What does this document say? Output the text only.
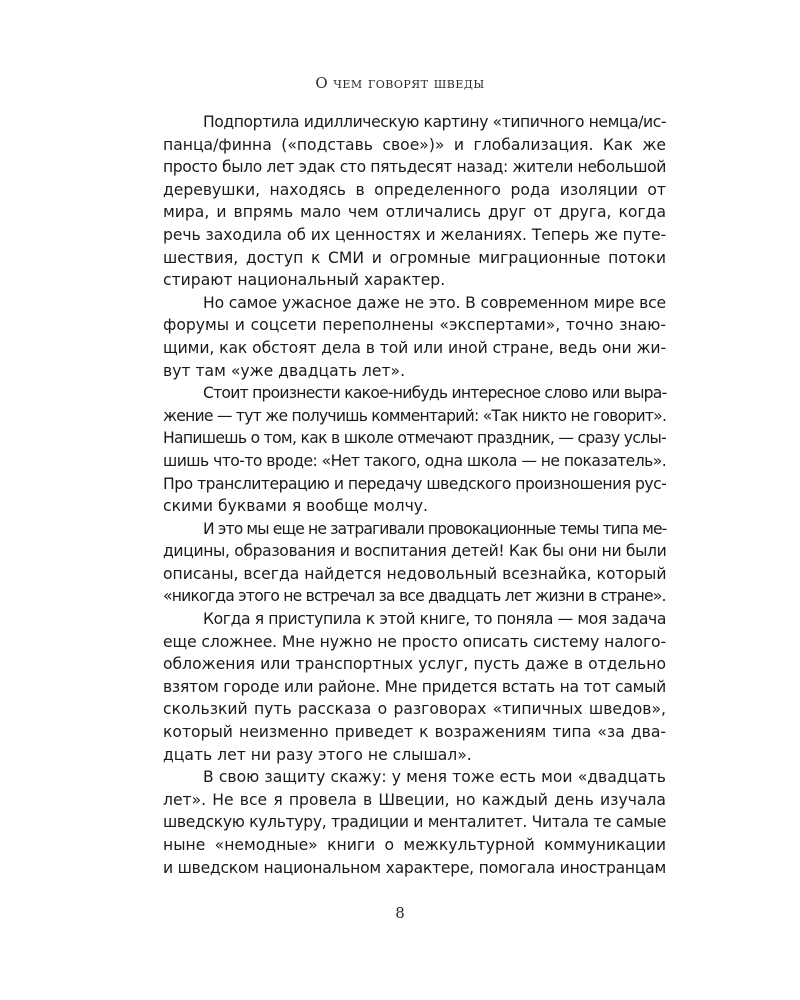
О чем говорят шведы
Подпортила идиллическую картину «типичного немца/ис-
панца/финна («подставь свое»)» и глобализация. Как же
просто было лет эдак сто пятьдесят назад: жители небольшой
деревушки, находясь в определенного рода изоляции от
мира, и впрямь мало чем отличались друг от друга, когда
речь заходила об их ценностях и желаниях. Теперь же путе-
шествия, доступ к СМИ и огромные миграционные потоки
стирают национальный характер.
Но самое ужасное даже не это. В современном мире все
форумы и соцсети переполнены «экспертами», точно знаю-
щими, как обстоят дела в той или иной стране, ведь они жи-
вут там «уже двадцать лет».
Стоит произнести какое-нибудь интересное слово или выра-
жение — тут же получишь комментарий: «Так никто не говорит».
Напишешь о том, как в школе отмечают праздник, — сразу услы-
шишь что-то вроде: «Нет такого, одна школа — не показатель».
Про транслитерацию и передачу шведского произношения рус-
скими буквами я вообще молчу.
И это мы еще не затрагивали провокационные темы типа ме-
дицины, образования и воспитания детей! Как бы они ни были
описаны, всегда найдется недовольный всезнайка, который
«никогда этого не встречал за все двадцать лет жизни в стране».
Когда я приступила к этой книге, то поняла — моя задача
еще сложнее. Мне нужно не просто описать систему налого-
обложения или транспортных услуг, пусть даже в отдельно
взятом городе или районе. Мне придется встать на тот самый
скользкий путь рассказа о разговорах «типичных шведов»,
который неизменно приведет к возражениям типа «за два-
дцать лет ни разу этого не слышал».
В свою защиту скажу: у меня тоже есть мои «двадцать
лет». Не все я провела в Швеции, но каждый день изучала
шведскую культуру, традиции и менталитет. Читала те самые
ныне «немодные» книги о межкультурной коммуникации
и шведском национальном характере, помогала иностранцам
8
